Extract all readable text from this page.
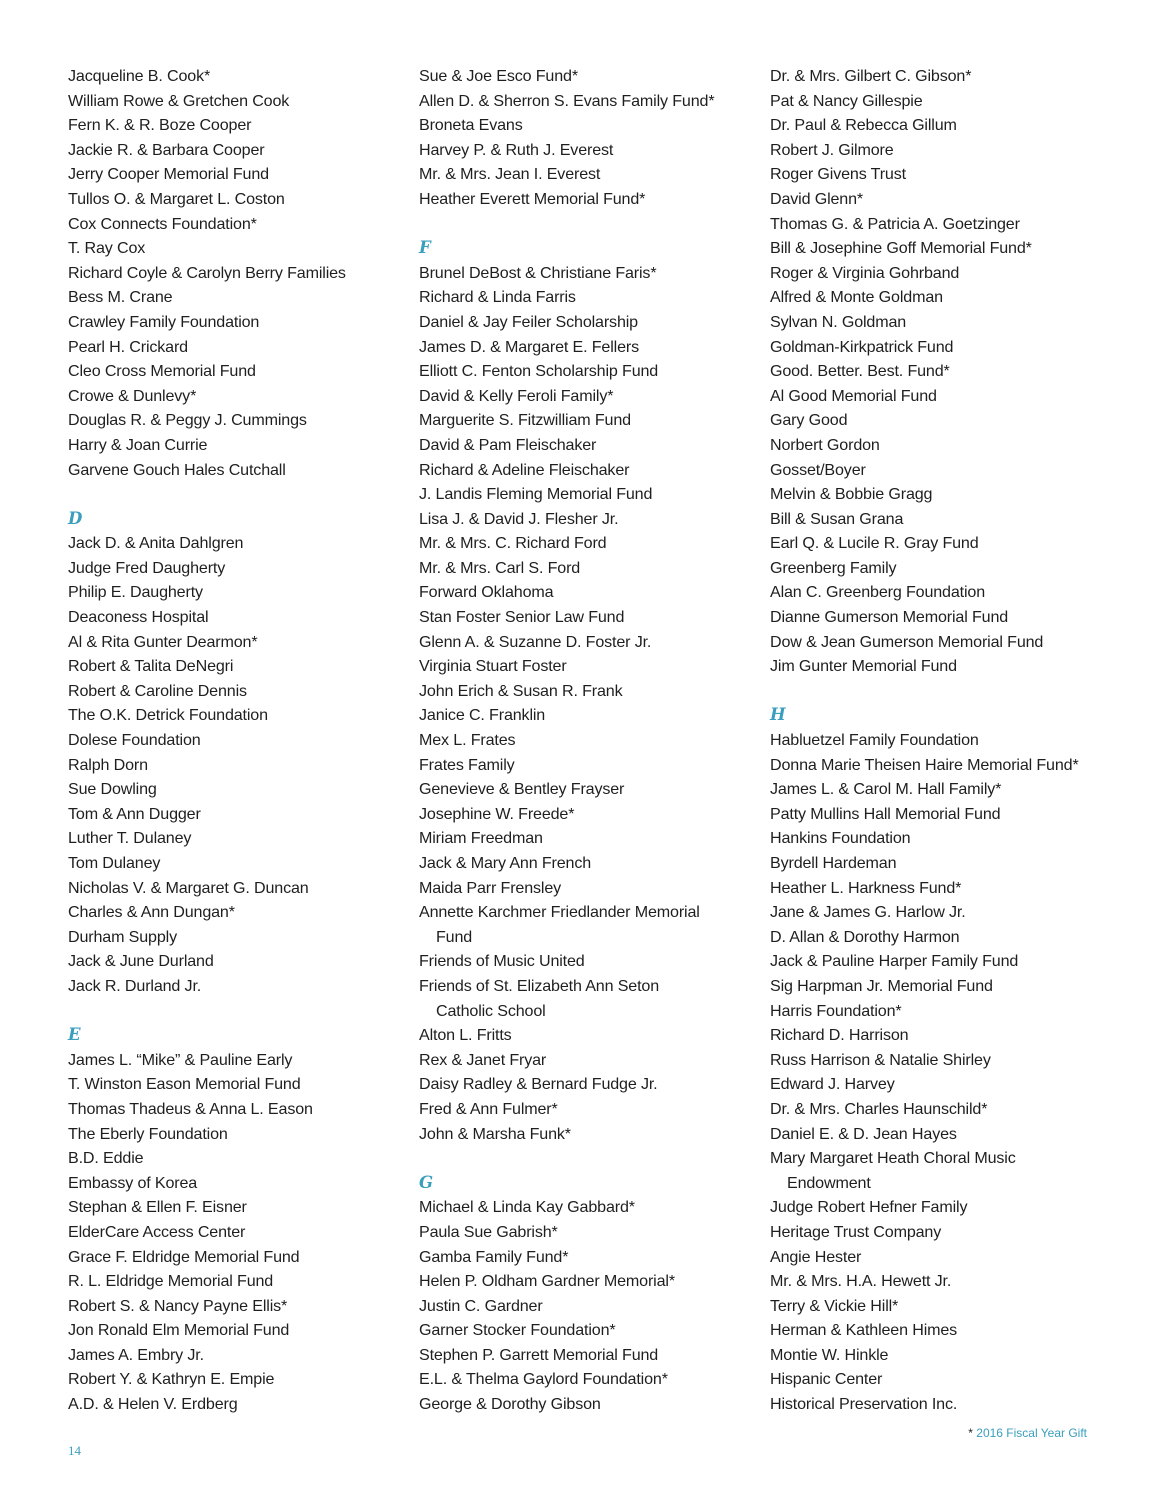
Jacqueline B. Cook*
William Rowe & Gretchen Cook
Fern K. & R. Boze Cooper
Jackie R. & Barbara Cooper
Jerry Cooper Memorial Fund
Tullos O. & Margaret L. Coston
Cox Connects Foundation*
T. Ray Cox
Richard Coyle & Carolyn Berry Families
Bess M. Crane
Crawley Family Foundation
Pearl H. Crickard
Cleo Cross Memorial Fund
Crowe & Dunlevy*
Douglas R. & Peggy J. Cummings
Harry & Joan Currie
Garvene Gouch Hales Cutchall
D
Jack D. & Anita Dahlgren
Judge Fred Daugherty
Philip E. Daugherty
Deaconess Hospital
Al & Rita Gunter Dearmon*
Robert & Talita DeNegri
Robert & Caroline Dennis
The O.K. Detrick Foundation
Dolese Foundation
Ralph Dorn
Sue Dowling
Tom & Ann Dugger
Luther T. Dulaney
Tom Dulaney
Nicholas V. & Margaret G. Duncan
Charles & Ann Dungan*
Durham Supply
Jack & June Durland
Jack R. Durland Jr.
E
James L. “Mike” & Pauline Early
T. Winston Eason Memorial Fund
Thomas Thadeus & Anna L. Eason
The Eberly Foundation
B.D. Eddie
Embassy of Korea
Stephan & Ellen F. Eisner
ElderCare Access Center
Grace F. Eldridge Memorial Fund
R. L. Eldridge Memorial Fund
Robert S. & Nancy Payne Ellis*
Jon Ronald Elm Memorial Fund
James A. Embry Jr.
Robert Y. & Kathryn E. Empie
A.D. & Helen V. Erdberg
Sue & Joe Esco Fund*
Allen D. & Sherron S. Evans Family Fund*
Broneta Evans
Harvey P. & Ruth J. Everest
Mr. & Mrs. Jean I. Everest
Heather Everett Memorial Fund*
F
Brunel DeBost & Christiane Faris*
Richard & Linda Farris
Daniel & Jay Feiler Scholarship
James D. & Margaret E. Fellers
Elliott C. Fenton Scholarship Fund
David & Kelly Feroli Family*
Marguerite S. Fitzwilliam Fund
David & Pam Fleischaker
Richard & Adeline Fleischaker
J. Landis Fleming Memorial Fund
Lisa J. & David J. Flesher Jr.
Mr. & Mrs. C. Richard Ford
Mr. & Mrs. Carl S. Ford
Forward Oklahoma
Stan Foster Senior Law Fund
Glenn A. & Suzanne D. Foster Jr.
Virginia Stuart Foster
John Erich & Susan R. Frank
Janice C. Franklin
Mex L. Frates
Frates Family
Genevieve & Bentley Frayser
Josephine W. Freede*
Miriam Freedman
Jack & Mary Ann French
Maida Parr Frensley
Annette Karchmer Friedlander Memorial
Fund
Friends of Music United
Friends of St. Elizabeth Ann Seton
Catholic School
Alton L. Fritts
Rex & Janet Fryar
Daisy Radley & Bernard Fudge Jr.
Fred & Ann Fulmer*
John & Marsha Funk*
G
Michael & Linda Kay Gabbard*
Paula Sue Gabrish*
Gamba Family Fund*
Helen P. Oldham Gardner Memorial*
Justin C. Gardner
Garner Stocker Foundation*
Stephen P. Garrett Memorial Fund
E.L. & Thelma Gaylord Foundation*
George & Dorothy Gibson
Dr. & Mrs. Gilbert C. Gibson*
Pat & Nancy Gillespie
Dr. Paul & Rebecca Gillum
Robert J. Gilmore
Roger Givens Trust
David Glenn*
Thomas G. & Patricia A. Goetzinger
Bill & Josephine Goff Memorial Fund*
Roger & Virginia Gohrband
Alfred & Monte Goldman
Sylvan N. Goldman
Goldman-Kirkpatrick Fund
Good. Better. Best. Fund*
Al Good Memorial Fund
Gary Good
Norbert Gordon
Gosset/Boyer
Melvin & Bobbie Gragg
Bill & Susan Grana
Earl Q. & Lucile R. Gray Fund
Greenberg Family
Alan C. Greenberg Foundation
Dianne Gumerson Memorial Fund
Dow & Jean Gumerson Memorial Fund
Jim Gunter Memorial Fund
H
Habluetzel Family Foundation
Donna Marie Theisen Haire Memorial Fund*
James L. & Carol M. Hall Family*
Patty Mullins Hall Memorial Fund
Hankins Foundation
Byrdell Hardeman
Heather L. Harkness Fund*
Jane & James G. Harlow Jr.
D. Allan & Dorothy Harmon
Jack & Pauline Harper Family Fund
Sig Harpman Jr. Memorial Fund
Harris Foundation*
Richard D. Harrison
Russ Harrison & Natalie Shirley
Edward J. Harvey
Dr. & Mrs. Charles Haunschild*
Daniel E. & D. Jean Hayes
Mary Margaret Heath Choral Music
Endowment
Judge Robert Hefner Family
Heritage Trust Company
Angie Hester
Mr. & Mrs. H.A. Hewett Jr.
Terry & Vickie Hill*
Herman & Kathleen Himes
Montie W. Hinkle
Hispanic Center
Historical Preservation Inc.
14
* 2016 Fiscal Year Gift
